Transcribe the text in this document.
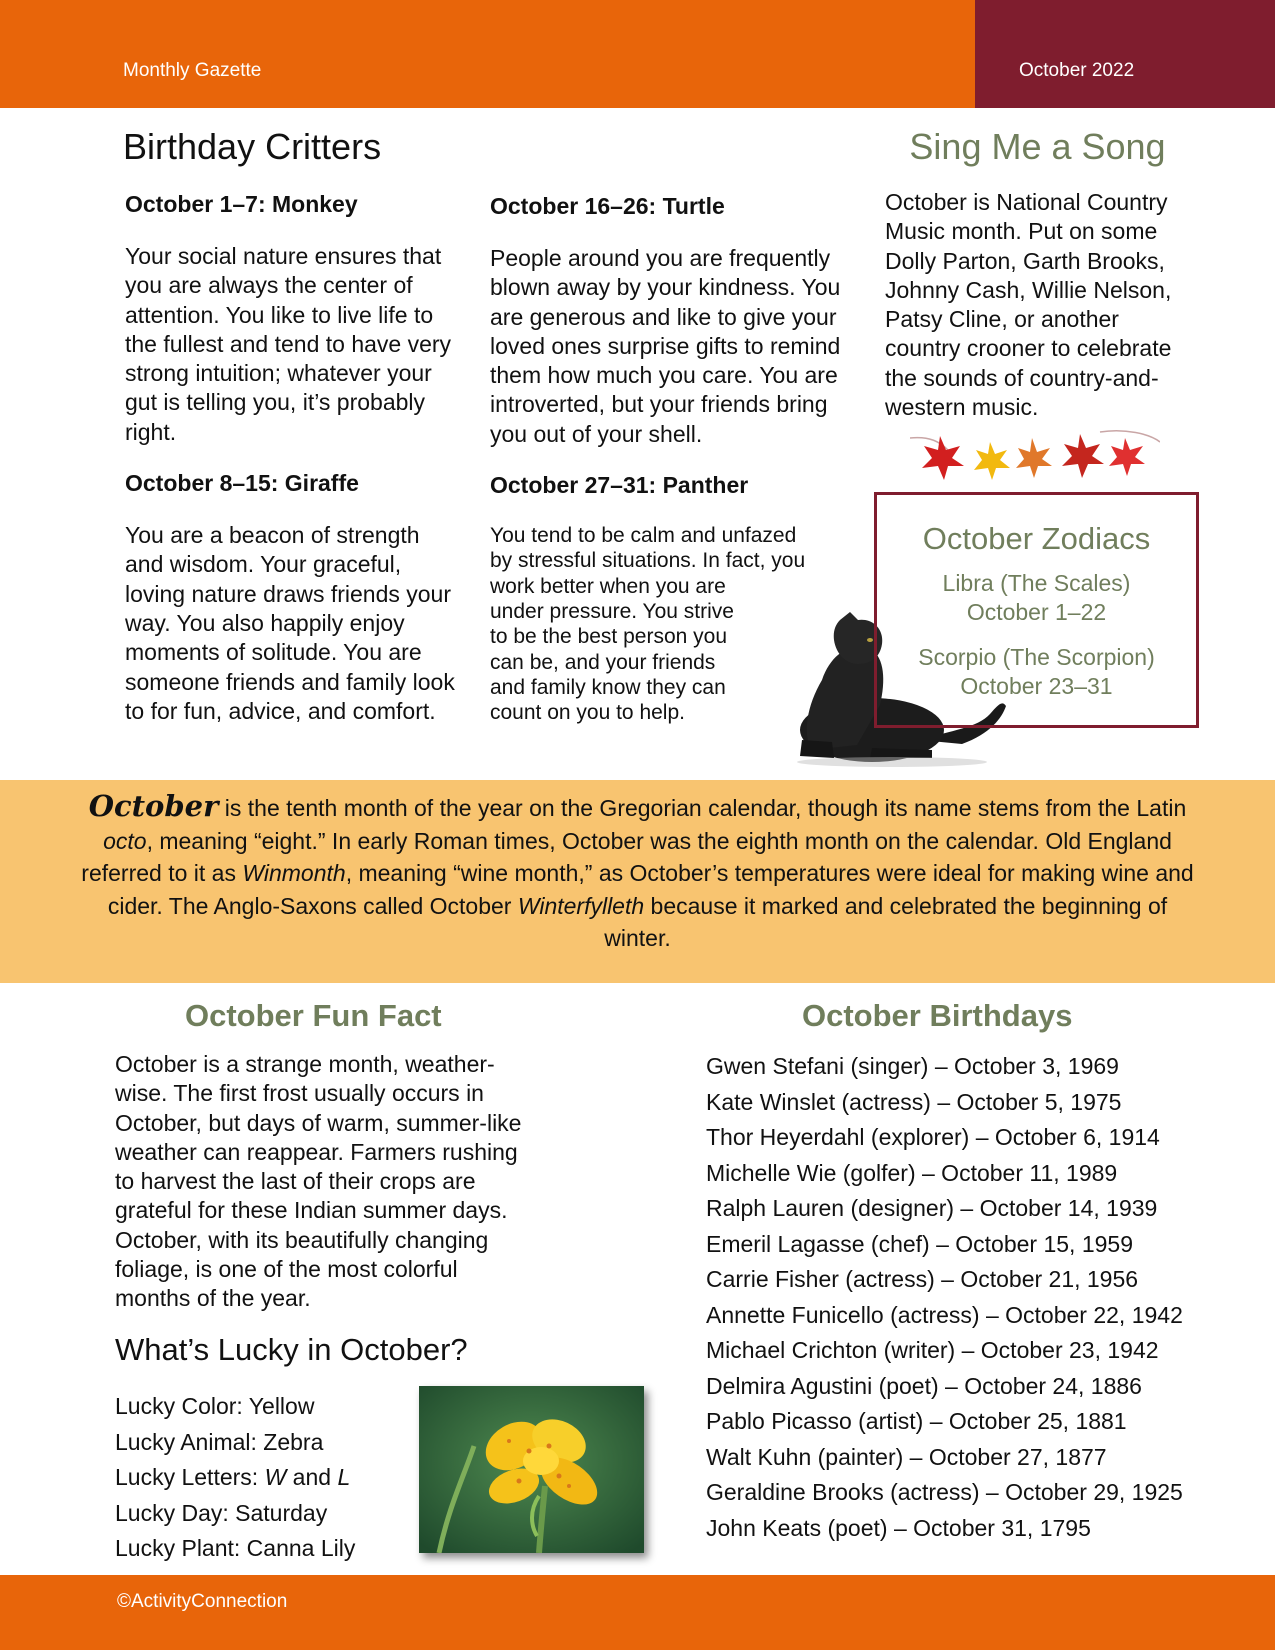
Monthly Gazette	October 2022
Birthday Critters

October 1–7: Monkey

Your social nature ensures that you are always the center of attention. You like to live life to the fullest and tend to have very strong intuition; whatever your gut is telling you, it’s probably right.

October 8–15: Giraffe

You are a beacon of strength and wisdom. Your graceful, loving nature draws friends your way. You also happily enjoy moments of solitude. You are someone friends and family look to for fun, advice, and comfort.

October 16–26: Turtle

People around you are frequently blown away by your kindness. You are generous and like to give your loved ones surprise gifts to remind them how much you care. You are introverted, but your friends bring you out of your shell.

October 27–31: Panther

You tend to be calm and unfazed
by stressful situations. In fact, you
work better when you are
under pressure. You strive
to be the best person you
can be, and your friends
and family know they can
count on you to help.

Sing Me a Song
October is National Country
Music month. Put on some
Dolly Parton, Garth Brooks,
Johnny Cash, Willie Nelson,
Patsy Cline, or another
country crooner to celebrate
the sounds of country-and-
western music.
October Zodiacs
Libra (The Scales)
October 1–22
Scorpio (The Scorpion)
October 23–31
October is the tenth month of the year on the Gregorian calendar, though its name stems from the Latin octo, meaning “eight.” In early Roman times, October was the eighth month on the calendar. Old England referred to it as Winmonth, meaning “wine month,” as October’s temperatures were ideal for making wine and cider. The Anglo-Saxons called October Winterfylleth because it marked and celebrated the beginning of winter.
October Fun Fact
October is a strange month, weather-
wise. The first frost usually occurs in
October, but days of warm, summer-like
weather can reappear. Farmers rushing
to harvest the last of their crops are
grateful for these Indian summer days.
October, with its beautifully changing
foliage, is one of the most colorful
months of the year.
What’s Lucky in October?
Lucky Color: Yellow
Lucky Animal: Zebra
Lucky Letters: W and L
Lucky Day: Saturday
Lucky Plant: Canna Lily
October Birthdays
Gwen Stefani (singer) – October 3, 1969
Kate Winslet (actress) – October 5, 1975
Thor Heyerdahl (explorer) – October 6, 1914
Michelle Wie (golfer) – October 11, 1989
Ralph Lauren (designer) – October 14, 1939
Emeril Lagasse (chef) – October 15, 1959
Carrie Fisher (actress) – October 21, 1956
Annette Funicello (actress) – October 22, 1942
Michael Crichton (writer) – October 23, 1942
Delmira Agustini (poet) – October 24, 1886
Pablo Picasso (artist) – October 25, 1881
Walt Kuhn (painter) – October 27, 1877
Geraldine Brooks (actress) – October 29, 1925
John Keats (poet) – October 31, 1795
©ActivityConnection
